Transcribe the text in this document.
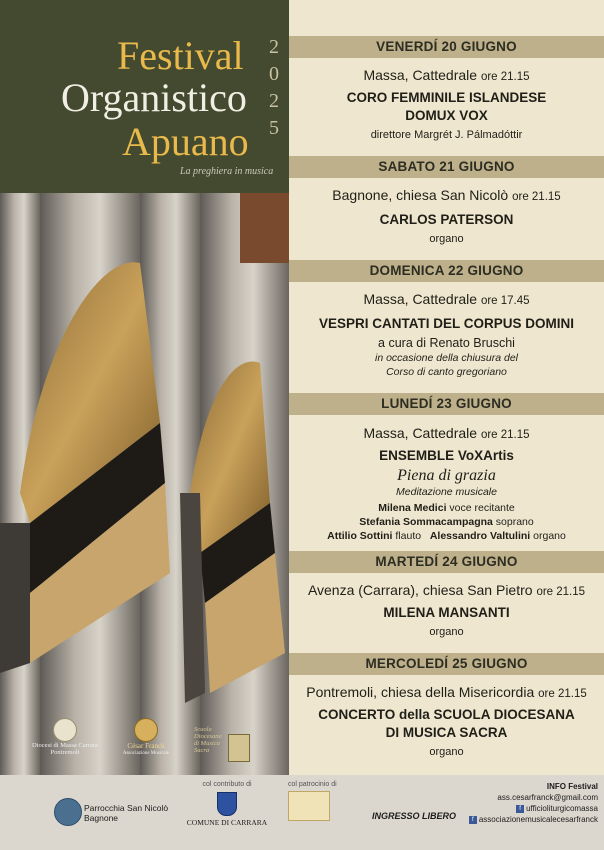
Festival
Organistico
Apuano
2
0
2
5
La preghiera in musica
Diocesi di Massa Carrara Pontremoli
César Franck
Associazione Musicale
Scuola Diocesana di Musica Sacra
VENERDÍ 20 GIUGNO
Massa, Cattedrale ore 21.15
CORO FEMMINILE ISLANDESE
DOMUX VOX
direttore Margrét J. Pálmadóttir
SABATO 21 GIUGNO
Bagnone, chiesa San Nicolò ore 21.15
CARLOS PATERSON
organo
DOMENICA 22 GIUGNO
Massa, Cattedrale ore 17.45
VESPRI CANTATI DEL CORPUS DOMINI
a cura di Renato Bruschi
in occasione della chiusura del
Corso di canto gregoriano
LUNEDÍ 23 GIUGNO
Massa, Cattedrale ore 21.15
ENSEMBLE VoXArtis
Piena di grazia
Meditazione musicale
Milena Medici voce recitante
Stefania Sommacampagna soprano
Attilio Sottini flauto Alessandro Valtulini organo
MARTEDÍ 24 GIUGNO
Avenza (Carrara), chiesa San Pietro ore 21.15
MILENA MANSANTI
organo
MERCOLEDÍ 25 GIUGNO
Pontremoli, chiesa della Misericordia ore 21.15
CONCERTO della SCUOLA DIOCESANA
DI MUSICA SACRA
organo
Parrocchia San Nicolò
Bagnone
col contributo di
COMUNE DI CARRARA
col patrocinio di
INGRESSO LIBERO
INFO Festival
ass.cesarfranck@gmail.com
f ufficioliturgicomassa
f associazionemusicalecesarfranck
